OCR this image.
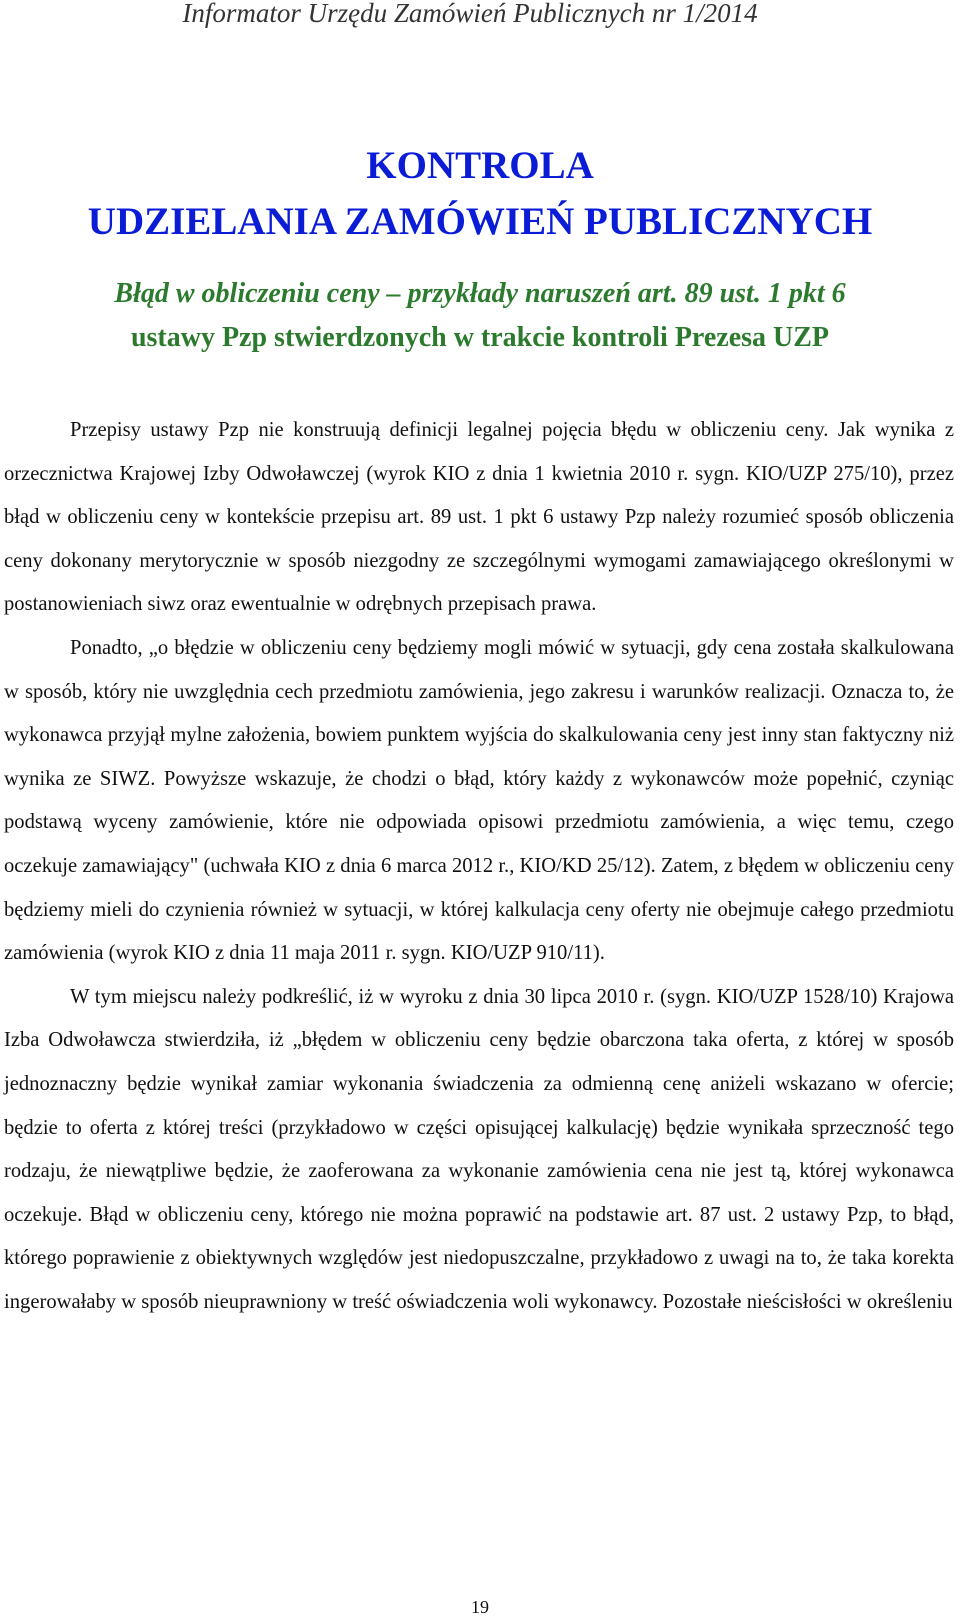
Informator Urzędu Zamówień Publicznych nr 1/2014
KONTROLA
UDZIELANIA ZAMÓWIEŃ PUBLICZNYCH
Błąd w obliczeniu ceny – przykłady naruszeń art. 89 ust. 1 pkt 6
ustawy Pzp stwierdzonych w trakcie kontroli Prezesa UZP

Przepisy ustawy Pzp nie konstruują definicji legalnej pojęcia błędu w obliczeniu ceny. Jak wynika z orzecznictwa Krajowej Izby Odwoławczej (wyrok KIO z dnia 1 kwietnia 2010 r. sygn. KIO/UZP 275/10), przez błąd w obliczeniu ceny w kontekście przepisu art. 89 ust. 1 pkt 6 ustawy Pzp należy rozumieć sposób obliczenia ceny dokonany merytorycznie w sposób niezgodny ze szczególnymi wymogami zamawiającego określonymi w postanowieniach siwz oraz ewentualnie w odrębnych przepisach prawa.

Ponadto, „o błędzie w obliczeniu ceny będziemy mogli mówić w sytuacji, gdy cena została skalkulowana w sposób, który nie uwzględnia cech przedmiotu zamówienia, jego zakresu i warunków realizacji. Oznacza to, że wykonawca przyjął mylne założenia, bowiem punktem wyjścia do skalkulowania ceny jest inny stan faktyczny niż wynika ze SIWZ. Powyższe wskazuje, że chodzi o błąd, który każdy z wykonawców może popełnić, czyniąc podstawą wyceny zamówienie, które nie odpowiada opisowi przedmiotu zamówienia, a więc temu, czego oczekuje zamawiający" (uchwała KIO z dnia 6 marca 2012 r., KIO/KD 25/12). Zatem, z błędem w obliczeniu ceny będziemy mieli do czynienia również w sytuacji, w której kalkulacja ceny oferty nie obejmuje całego przedmiotu zamówienia (wyrok KIO z dnia 11 maja 2011 r. sygn. KIO/UZP 910/11).

W tym miejscu należy podkreślić, iż w wyroku z dnia 30 lipca 2010 r. (sygn. KIO/UZP 1528/10) Krajowa Izba Odwoławcza stwierdziła, iż „błędem w obliczeniu ceny będzie obarczona taka oferta, z której w sposób jednoznaczny będzie wynikał zamiar wykonania świadczenia za odmienną cenę aniżeli wskazano w ofercie; będzie to oferta z której treści (przykładowo w części opisującej kalkulację) będzie wynikała sprzeczność tego rodzaju, że niewątpliwe będzie, że zaoferowana za wykonanie zamówienia cena nie jest tą, której wykonawca oczekuje. Błąd w obliczeniu ceny, którego nie można poprawić na podstawie art. 87 ust. 2 ustawy Pzp, to błąd, którego poprawienie z obiektywnych względów jest niedopuszczalne, przykładowo z uwagi na to, że taka korekta ingerowałaby w sposób nieuprawniony w treść oświadczenia woli wykonawcy. Pozostałe nieścisłości w określeniu

19
